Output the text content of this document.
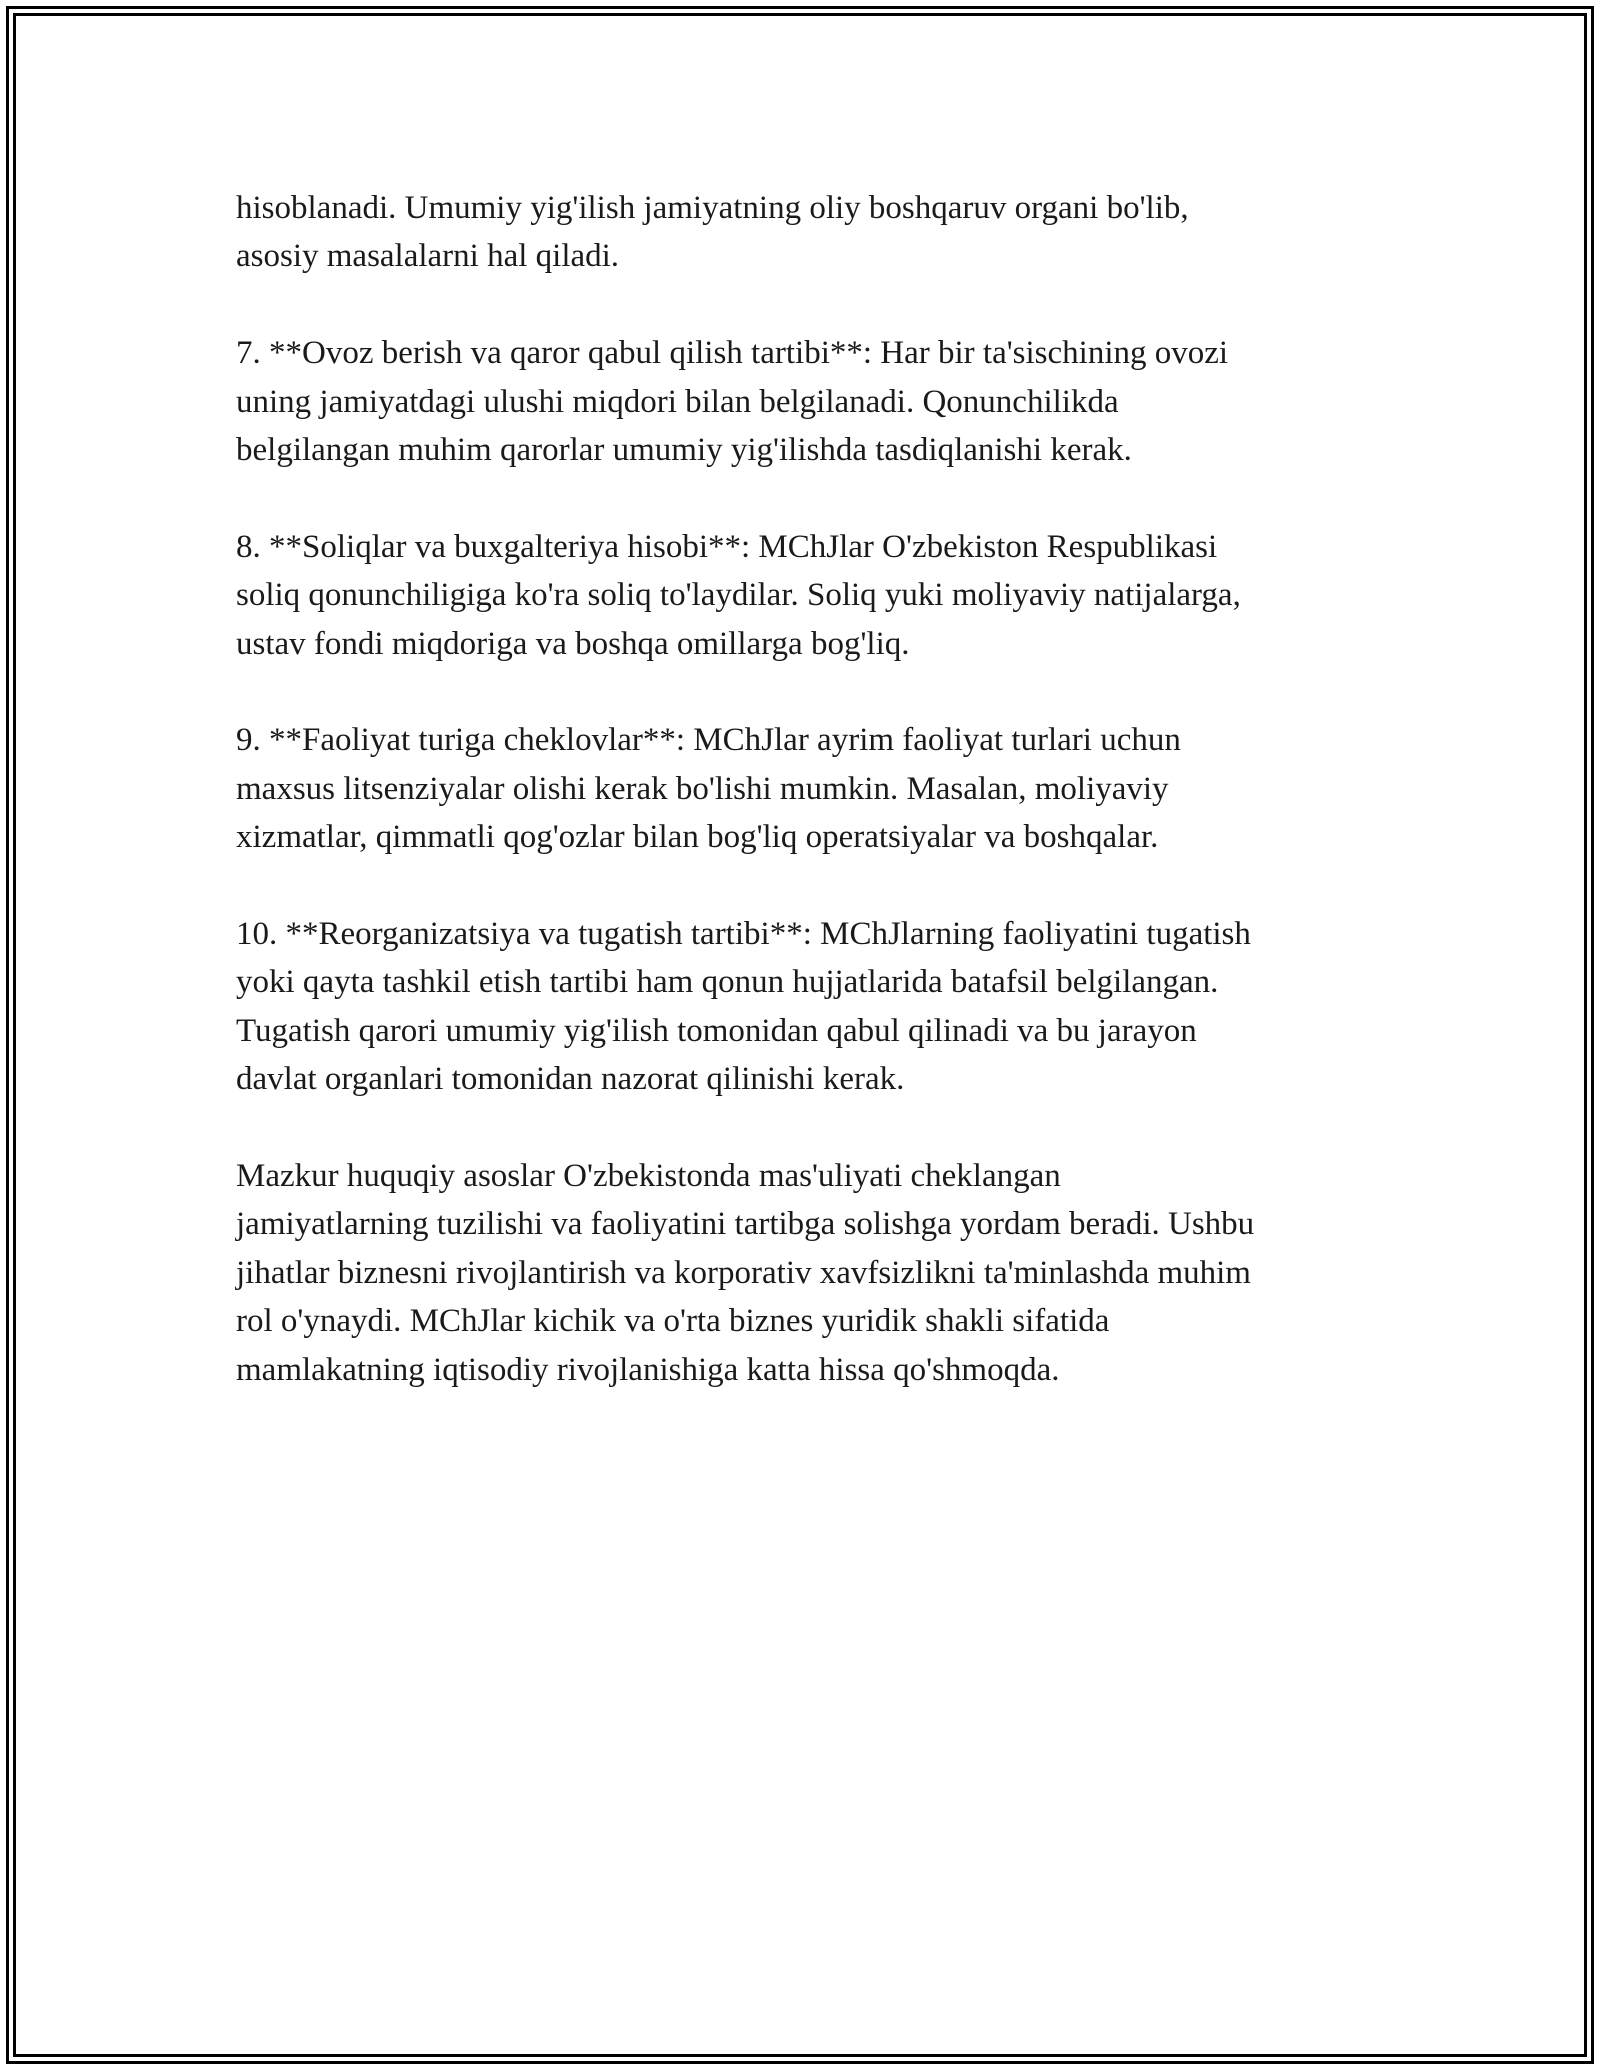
hisoblanadi. Umumiy yig'ilish jamiyatning oliy boshqaruv organi bo'lib,
asosiy masalalarni hal qiladi.

7. **Ovoz berish va qaror qabul qilish tartibi**: Har bir ta'sischining ovozi
uning jamiyatdagi ulushi miqdori bilan belgilanadi. Qonunchilikda
belgilangan muhim qarorlar umumiy yig'ilishda tasdiqlanishi kerak.

8. **Soliqlar va buxgalteriya hisobi**: MChJlar O'zbekiston Respublikasi
soliq qonunchiligiga ko'ra soliq to'laydilar. Soliq yuki moliyaviy natijalarga,
ustav fondi miqdoriga va boshqa omillarga bog'liq.

9. **Faoliyat turiga cheklovlar**: MChJlar ayrim faoliyat turlari uchun
maxsus litsenziyalar olishi kerak bo'lishi mumkin. Masalan, moliyaviy
xizmatlar, qimmatli qog'ozlar bilan bog'liq operatsiyalar va boshqalar.

10. **Reorganizatsiya va tugatish tartibi**: MChJlarning faoliyatini tugatish
yoki qayta tashkil etish tartibi ham qonun hujjatlarida batafsil belgilangan.
Tugatish qarori umumiy yig'ilish tomonidan qabul qilinadi va bu jarayon
davlat organlari tomonidan nazorat qilinishi kerak.

Mazkur huquqiy asoslar O'zbekistonda mas'uliyati cheklangan
jamiyatlarning tuzilishi va faoliyatini tartibga solishga yordam beradi. Ushbu
jihatlar biznesni rivojlantirish va korporativ xavfsizlikni ta'minlashda muhim
rol o'ynaydi. MChJlar kichik va o'rta biznes yuridik shakli sifatida
mamlakatning iqtisodiy rivojlanishiga katta hissa qo'shmoqda.
